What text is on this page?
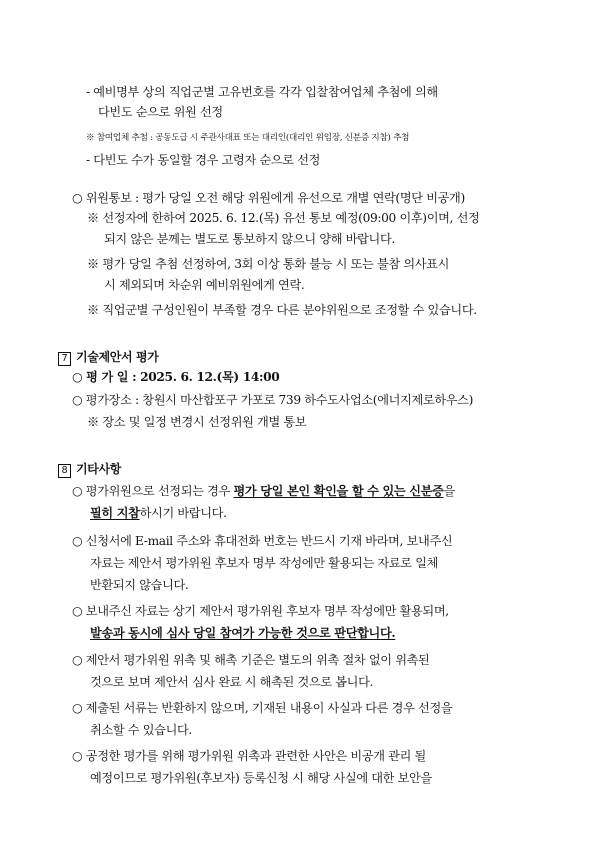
- 예비명부 상의 직업군별 고유번호를 각각 입찰참여업체 추첨에 의해
다빈도 순으로 위원 선정
※ 참여업체 추첨 : 공동도급 시 주관사대표 또는 대리인(대리인 위임장, 신분증 지참) 추첨
- 다빈도 수가 동일할 경우 고령자 순으로 선정
○ 위원통보 : 평가 당일 오전 해당 위원에게 유선으로 개별 연락(명단 비공개)
※ 선정자에 한하여 2025. 6. 12.(목) 유선 통보 예정(09:00 이후)이며, 선정
되지 않은 분께는 별도로 통보하지 않으니 양해 바랍니다.
※ 평가 당일 추첨 선정하여, 3회 이상 통화 불능 시 또는 불참 의사표시
시 제외되며 차순위 예비위원에게 연락.
※ 직업군별 구성인원이 부족할 경우 다른 분야위원으로 조정할 수 있습니다.
7 기술제안서 평가
○ 평 가 일 : 2025. 6. 12.(목) 14:00
○ 평가장소 : 창원시 마산합포구 가포로 739 하수도사업소(에너지제로하우스)
※ 장소 및 일정 변경시 선정위원 개별 통보
8 기타사항
○ 평가위원으로 선정되는 경우 평가 당일 본인 확인을 할 수 있는 신분증을
필히 지참하시기 바랍니다.
○ 신청서에 E-mail 주소와 휴대전화 번호는 반드시 기재 바라며, 보내주신
자료는 제안서 평가위원 후보자 명부 작성에만 활용되는 자료로 일체
반환되지 않습니다.
○ 보내주신 자료는 상기 제안서 평가위원 후보자 명부 작성에만 활용되며,
발송과 동시에 심사 당일 참여가 가능한 것으로 판단합니다.
○ 제안서 평가위원 위촉 및 해촉 기준은 별도의 위촉 절차 없이 위촉된
것으로 보며 제안서 심사 완료 시 해촉된 것으로 봅니다.
○ 제출된 서류는 반환하지 않으며, 기재된 내용이 사실과 다른 경우 선정을
취소할 수 있습니다.
○ 공정한 평가를 위해 평가위원 위촉과 관련한 사안은 비공개 관리 될
예정이므로 평가위원(후보자) 등록신청 시 해당 사실에 대한 보안을
